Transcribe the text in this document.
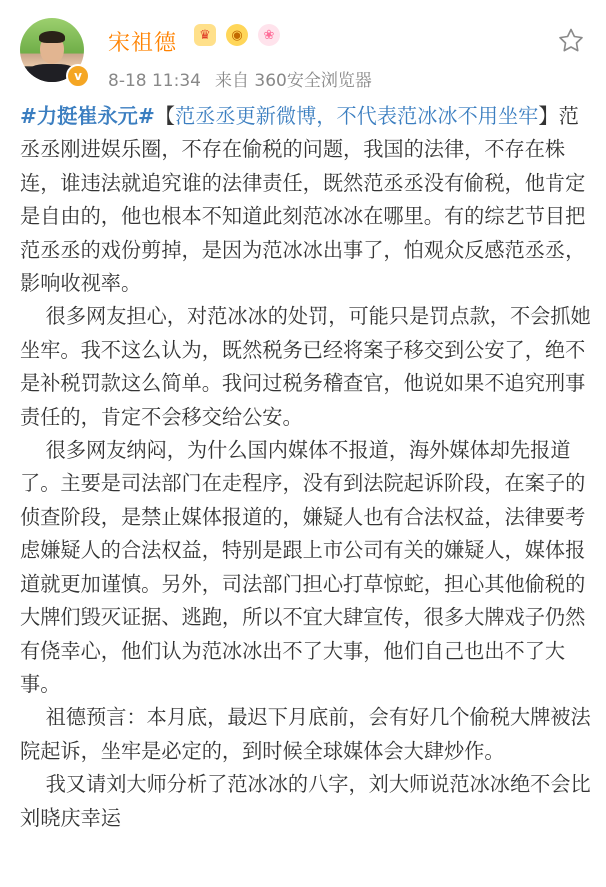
v
宋祖德	♛	◉	❀
8-18 11:34 来自 360安全浏览器
#力挺崔永元#【范丞丞更新微博，不代表范冰冰不用坐牢】范丞丞刚进娱乐圈，不存在偷税的问题，我国的法律，不存在株连，谁违法就追究谁的法律责任，既然范丞丞没有偷税，他肯定是自由的，他也根本不知道此刻范冰冰在哪里。有的综艺节目把范丞丞的戏份剪掉，是因为范冰冰出事了，怕观众反感范丞丞，影响收视率。
很多网友担心，对范冰冰的处罚，可能只是罚点款，不会抓她坐牢。我不这么认为，既然税务已经将案子移交到公安了，绝不是补税罚款这么简单。我问过税务稽查官，他说如果不追究刑事责任的，肯定不会移交给公安。
很多网友纳闷，为什么国内媒体不报道，海外媒体却先报道了。主要是司法部门在走程序，没有到法院起诉阶段，在案子的侦查阶段，是禁止媒体报道的，嫌疑人也有合法权益，法律要考虑嫌疑人的合法权益，特别是跟上市公司有关的嫌疑人，媒体报道就更加谨慎。另外，司法部门担心打草惊蛇，担心其他偷税的大牌们毁灭证据、逃跑，所以不宜大肆宣传，很多大牌戏子仍然有侥幸心，他们认为范冰冰出不了大事，他们自己也出不了大事。
祖德预言：本月底，最迟下月底前，会有好几个偷税大牌被法院起诉，坐牢是必定的，到时候全球媒体会大肆炒作。
我又请刘大师分析了范冰冰的八字，刘大师说范冰冰绝不会比刘晓庆幸运
